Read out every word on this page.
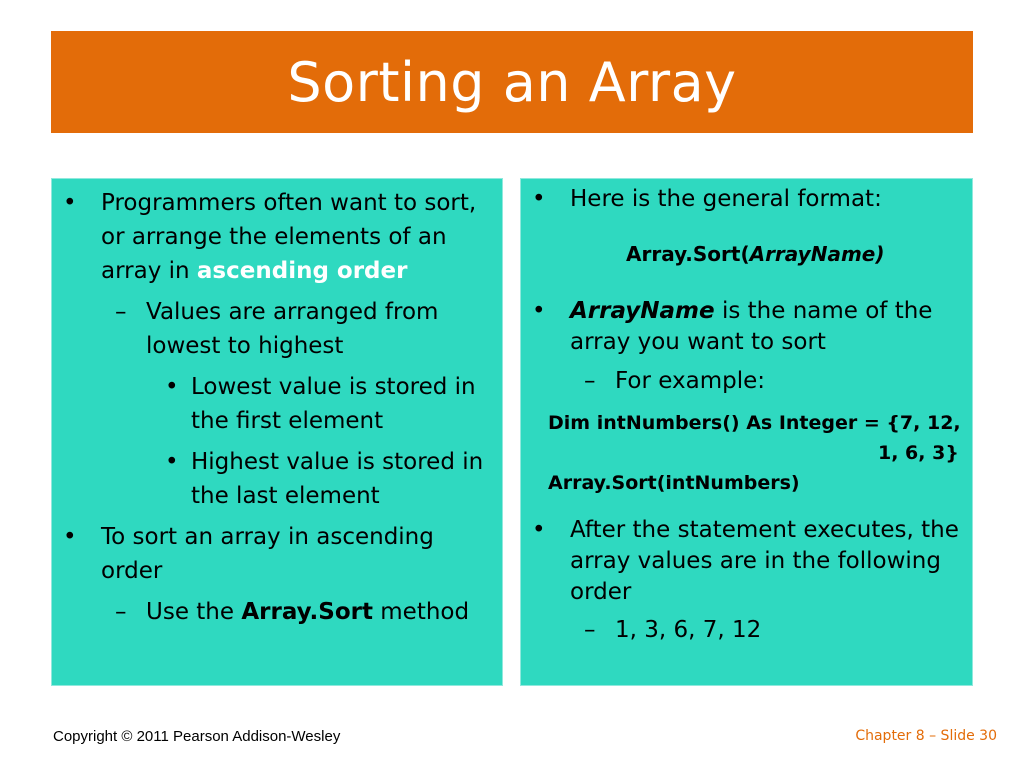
Sorting an Array
• Programmers often want to sort,
or arrange the elements of an
array in ascending order
– Values are arranged from
lowest to highest
• Lowest value is stored in
the first element
• Highest value is stored in
the last element
• To sort an array in ascending
order
– Use the Array.Sort method
• Here is the general format:
Array.Sort(ArrayName)
• ArrayName is the name of the
array you want to sort
– For example:
Dim intNumbers() As Integer = {7, 12,
1, 6, 3}
Array.Sort(intNumbers)
• After the statement executes, the
array values are in the following
order
– 1, 3, 6, 7, 12
Copyright © 2011 Pearson Addison-Wesley	Chapter 8 – Slide 30
